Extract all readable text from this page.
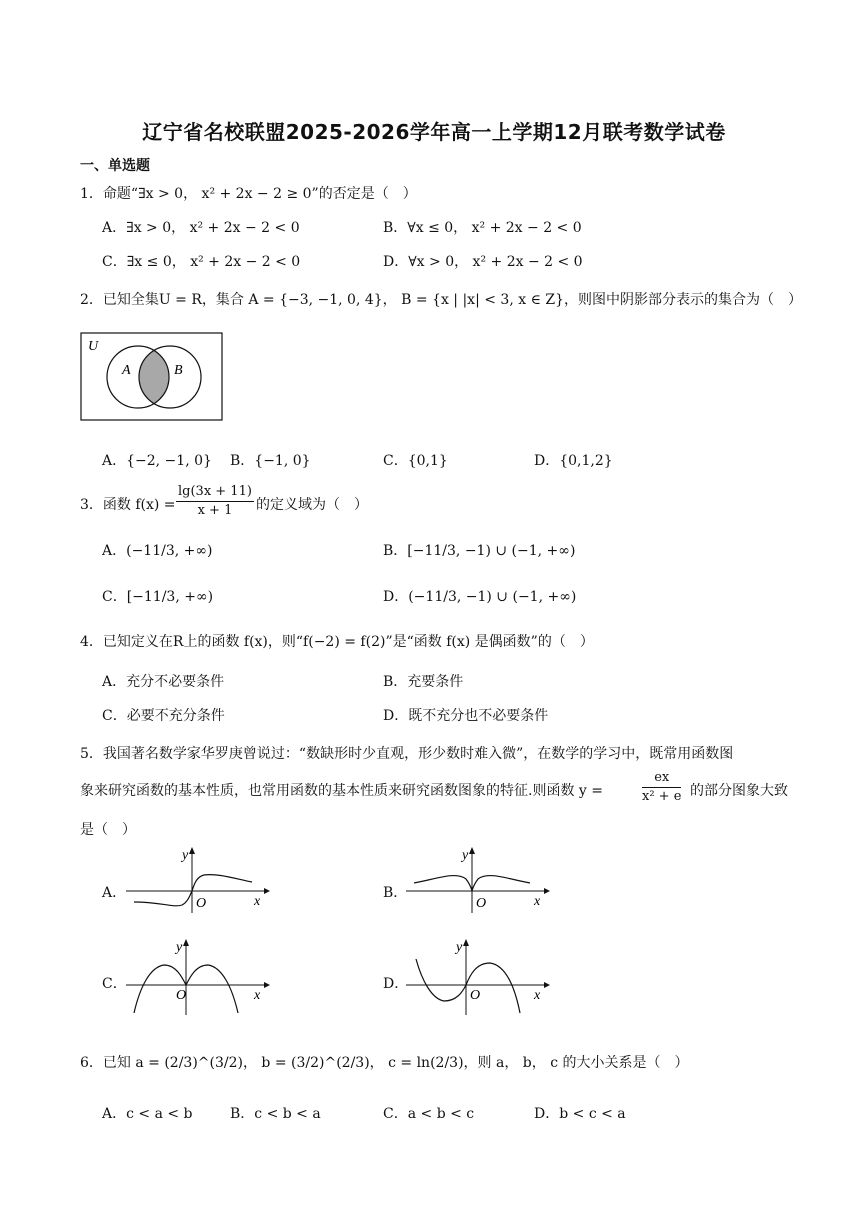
辽宁省名校联盟2025-2026学年高一上学期12月联考数学试卷
一、单选题
1．命题“∃x > 0， x² + 2x − 2 ≥ 0”的否定是（　）
A．∃x > 0， x² + 2x − 2 < 0	B．∀x ≤ 0， x² + 2x − 2 < 0
C．∃x ≤ 0， x² + 2x − 2 < 0	D．∀x > 0， x² + 2x − 2 < 0
2．已知全集U = R，集合 A = {−3, −1, 0, 4}， B = {x | |x| < 3, x ∈ Z}，则图中阴影部分表示的集合为（　）
U
A	B
A．{−2, −1, 0} B．{−1, 0}	C．{0,1}	D．{0,1,2}
3．函数 $f(x) = \frac{\lg(3x + 11)}{x + 1}$ 的定义域为（　）
A．(−11/3, +∞)	B．[−11/3, −1) ∪ (−1, +∞)
C．[−11/3, +∞)	D．(−11/3, −1) ∪ (−1, +∞)
4．已知定义在R上的函数 f(x)，则“f(−2) = f(2)”是“函数 f(x) 是偶函数”的（　）
A．充分不必要条件	B．充要条件
C．必要不充分条件	D．既不充分也不必要条件
5．我国著名数学家华罗庚曾说过：“数缺形时少直观，形少数时难入微”，在数学的学习中，既常用函数图
象来研究函数的基本性质，也常用函数的基本性质来研究函数图象的特征.则函数 y =	$\frac{ex}{\text{x² + e}}$ 的部分图象大致
是（　）
A．	B．
C．	D．
y
O	x
y
O	x
y
O	x
y
O	x
6．已知 a = (2/3)^(3/2)， b = (3/2)^(2/3)， c = ln(2/3)，则 a， b， c 的大小关系是（　）
A．c < a < b	B．c < b < a	C．a < b < c	D．b < c < a
